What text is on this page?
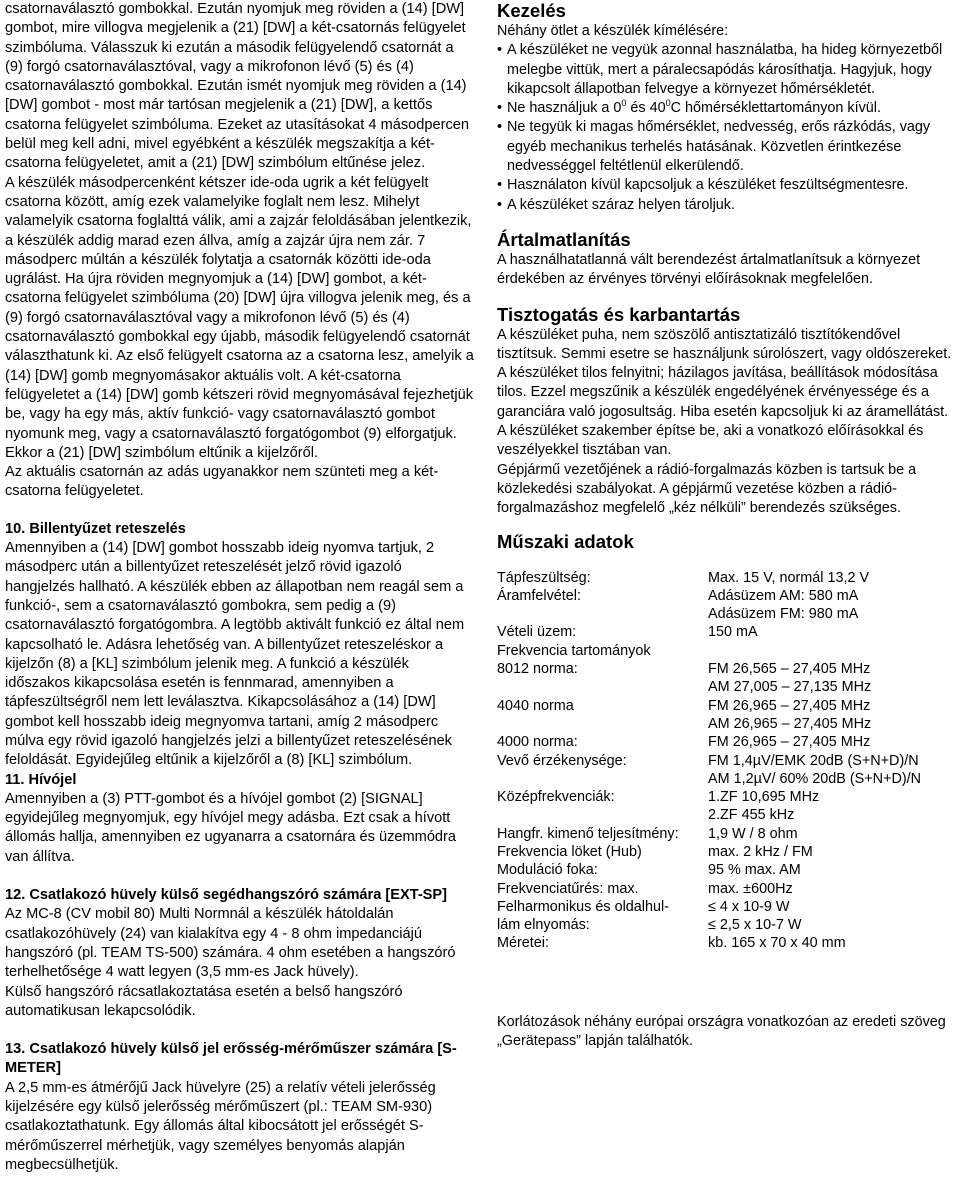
csatornaválasztó gombokkal. Ezután nyomjuk meg röviden a (14) [DW] gombot, mire villogva megjelenik a (21) [DW] a két-csatornás felügyelet szimbóluma. Válasszuk ki ezután a második felügyelendő csatornát a (9) forgó csatornaválasztóval, vagy a mikrofonon lévő (5) és (4) csatornaválasztó gombokkal. Ezután ismét nyomjuk meg röviden a (14) [DW] gombot - most már tartósan megjelenik a (21) [DW], a kettős csatorna felügyelet szimbóluma. Ezeket az utasításokat 4 másodpercen belül meg kell adni, mivel egyébként a készülék megszakítja a két-csatorna felügyeletet, amit a (21) [DW] szimbólum eltűnése jelez.

A készülék másodpercenként kétszer ide-oda ugrik a két felügyelt csatorna között, amíg ezek valamelyike foglalt nem lesz. Mihelyt valamelyik csatorna foglalttá válik, ami a zajzár feloldásában jelentkezik, a készülék addig marad ezen állva, amíg a zajzár újra nem zár. 7 másodperc múltán a készülék folytatja a csatornák közötti ide-oda ugrálást. Ha újra röviden megnyomjuk a (14) [DW] gombot, a két-csatorna felügyelet szimbóluma (20) [DW] újra villogva jelenik meg, és a (9) forgó csatornaválasztóval vagy a mikrofonon lévő (5) és (4) csatornaválasztó gombokkal egy újabb, második felügyelendő csatornát választhatunk ki. Az első felügyelt csatorna az a csatorna lesz, amelyik a (14) [DW] gomb megnyomásakor aktuális volt. A két-csatorna felügyeletet a (14) [DW] gomb kétszeri rövid megnyomásával fejezhetjük be, vagy ha egy más, aktív funkció- vagy csatornaválasztó gombot nyomunk meg, vagy a csatornaválasztó forgatógombot (9) elforgatjuk. Ekkor a (21) [DW] szimbólum eltűnik a kijelzőről.

Az aktuális csatornán az adás ugyanakkor nem szünteti meg a két-csatorna felügyeletet.

10. Billentyűzet reteszelés

Amennyiben a (14) [DW] gombot hosszabb ideig nyomva tartjuk, 2 másodperc után a billentyűzet reteszelését jelző rövid igazoló hangjelzés hallható. A készülék ebben az állapotban nem reagál sem a funkció-, sem a csatornaválasztó gombokra, sem pedig a (9) csatornaválasztó forgatógombra. A legtöbb aktivált funkció ez által nem kapcsolható le. Adásra lehetőség van. A billentyűzet reteszeléskor a kijelzőn (8) a [KL] szimbólum jelenik meg. A funkció a készülék időszakos kikapcsolása esetén is fennmarad, amennyiben a tápfeszültségről nem lett leválasztva. Kikapcsolásához a (14) [DW] gombot kell hosszabb ideig megnyomva tartani, amíg 2 másodperc múlva egy rövid igazoló hangjelzés jelzi a billentyűzet reteszelésének feloldását. Egyidejűleg eltűnik a kijelzőről a (8) [KL] szimbólum.

11. Hívójel

Amennyiben a (3) PTT-gombot és a hívójel gombot (2) [SIGNAL] egyidejűleg megnyomjuk, egy hívójel megy adásba. Ezt csak a hívott állomás hallja, amennyiben ez ugyanarra a csatornára és üzemmódra van állítva.

12. Csatlakozó hüvely külső segédhangszóró számára [EXT-SP]

Az MC-8 (CV mobil 80) Multi Normnál a készülék hátoldalán csatlakozóhüvely (24) van kialakítva egy 4 - 8 ohm impedanciájú hangszóró (pl. TEAM TS-500) számára. 4 ohm esetében a hangszóró terhelhetősége 4 watt legyen (3,5 mm-es Jack hüvely).

Külső hangszóró rácsatlakoztatása esetén a belső hangszóró automatikusan lekapcsolódik.

13. Csatlakozó hüvely külső jel erősség-mérőműszer számára [S-METER]

A 2,5 mm-es átmérőjű Jack hüvelyre (25) a relatív vételi jelerősség kijelzésére egy külső jelerősség mérőműszert (pl.: TEAM SM-930) csatlakoztathatunk. Egy állomás által kibocsátott jel erősségét S-mérőműszerrel mérhetjük, vagy személyes benyomás alapján megbecsülhetjük.

Kezelés

Néhány ötlet a készülék kímélésére:

• A készüléket ne vegyük azonnal használatba, ha hideg környezetből melegbe vittük, mert a páralecsapódás károsíthatja. Hagyjuk, hogy kikapcsolt állapotban felvegye a környezet hőmérsékletét.
• Ne használjuk a $0^0$ és $40^0C$ hőmérséklettartományon kívül.
• Ne tegyük ki magas hőmérséklet, nedvesség, erős rázkódás, vagy egyéb mechanikus terhelés hatásának. Közvetlen érintkezése nedvességgel feltétlenül elkerülendő.
• Használaton kívül kapcsoljuk a készüléket feszültségmentesre.
• A készüléket száraz helyen tároljuk.
Ártalmatlanítás

A használhatatlanná vált berendezést ártalmatlanítsuk a környezet érdekében az érvényes törvényi előírásoknak megfelelően.

Tisztogatás és karbantartás

A készüléket puha, nem szöszölő antisztatizáló tisztítókendővel tisztítsuk. Semmi esetre se használjunk súrolószert, vagy oldószereket.

A készüléket tilos felnyitni; házilagos javítása, beállítások módosítása tilos. Ezzel megszűnik a készülék engedélyének érvényessége és a garanciára való jogosultság. Hiba esetén kapcsoljuk ki az áramellátást.

A készüléket szakember építse be, aki a vonatkozó előírásokkal és veszélyekkel tisztában van.

Gépjármű vezetőjének a rádió-forgalmazás közben is tartsuk be a közlekedési szabályokat. A gépjármű vezetése közben a rádió-forgalmazáshoz megfelelő „kéz nélküli” berendezés szükséges.

Műszaki adatok
Tápfeszültség:	Max. 15 V, normál 13,2 V
Áramfelvétel:	Adásüzem AM: 580 mA
	Adásüzem FM: 980 mA
Vételi üzem:	150 mA
Frekvencia tartományok	
8012 norma:	FM 26,565 – 27,405 MHz
	AM 27,005 – 27,135 MHz
4040 norma	FM 26,965 – 27,405 MHz
	AM 26,965 – 27,405 MHz
4000 norma:	FM 26,965 – 27,405 MHz
Vevő érzékenysége:	FM 1,4µV/EMK 20dB (S+N+D)/N
	AM 1,2µV/ 60% 20dB (S+N+D)/N
Középfrekvenciák:	1.ZF 10,695 MHz
	2.ZF 455 kHz
Hangfr. kimenő teljesítmény:	1,9 W / 8 ohm
Frekvencia löket (Hub)	max. 2 kHz / FM
Moduláció foka:	95 % max. AM
Frekvenciatűrés: max.	max. ±600Hz
Felharmonikus és oldalhul-	≤ 4 x 10-9 W
lám elnyomás:	≤ 2,5 x 10-7 W
Méretei:	kb. 165 x 70 x 40 mm

Korlátozások néhány európai országra vonatkozóan az eredeti szöveg „Gerätepass” lapján találhatók.
